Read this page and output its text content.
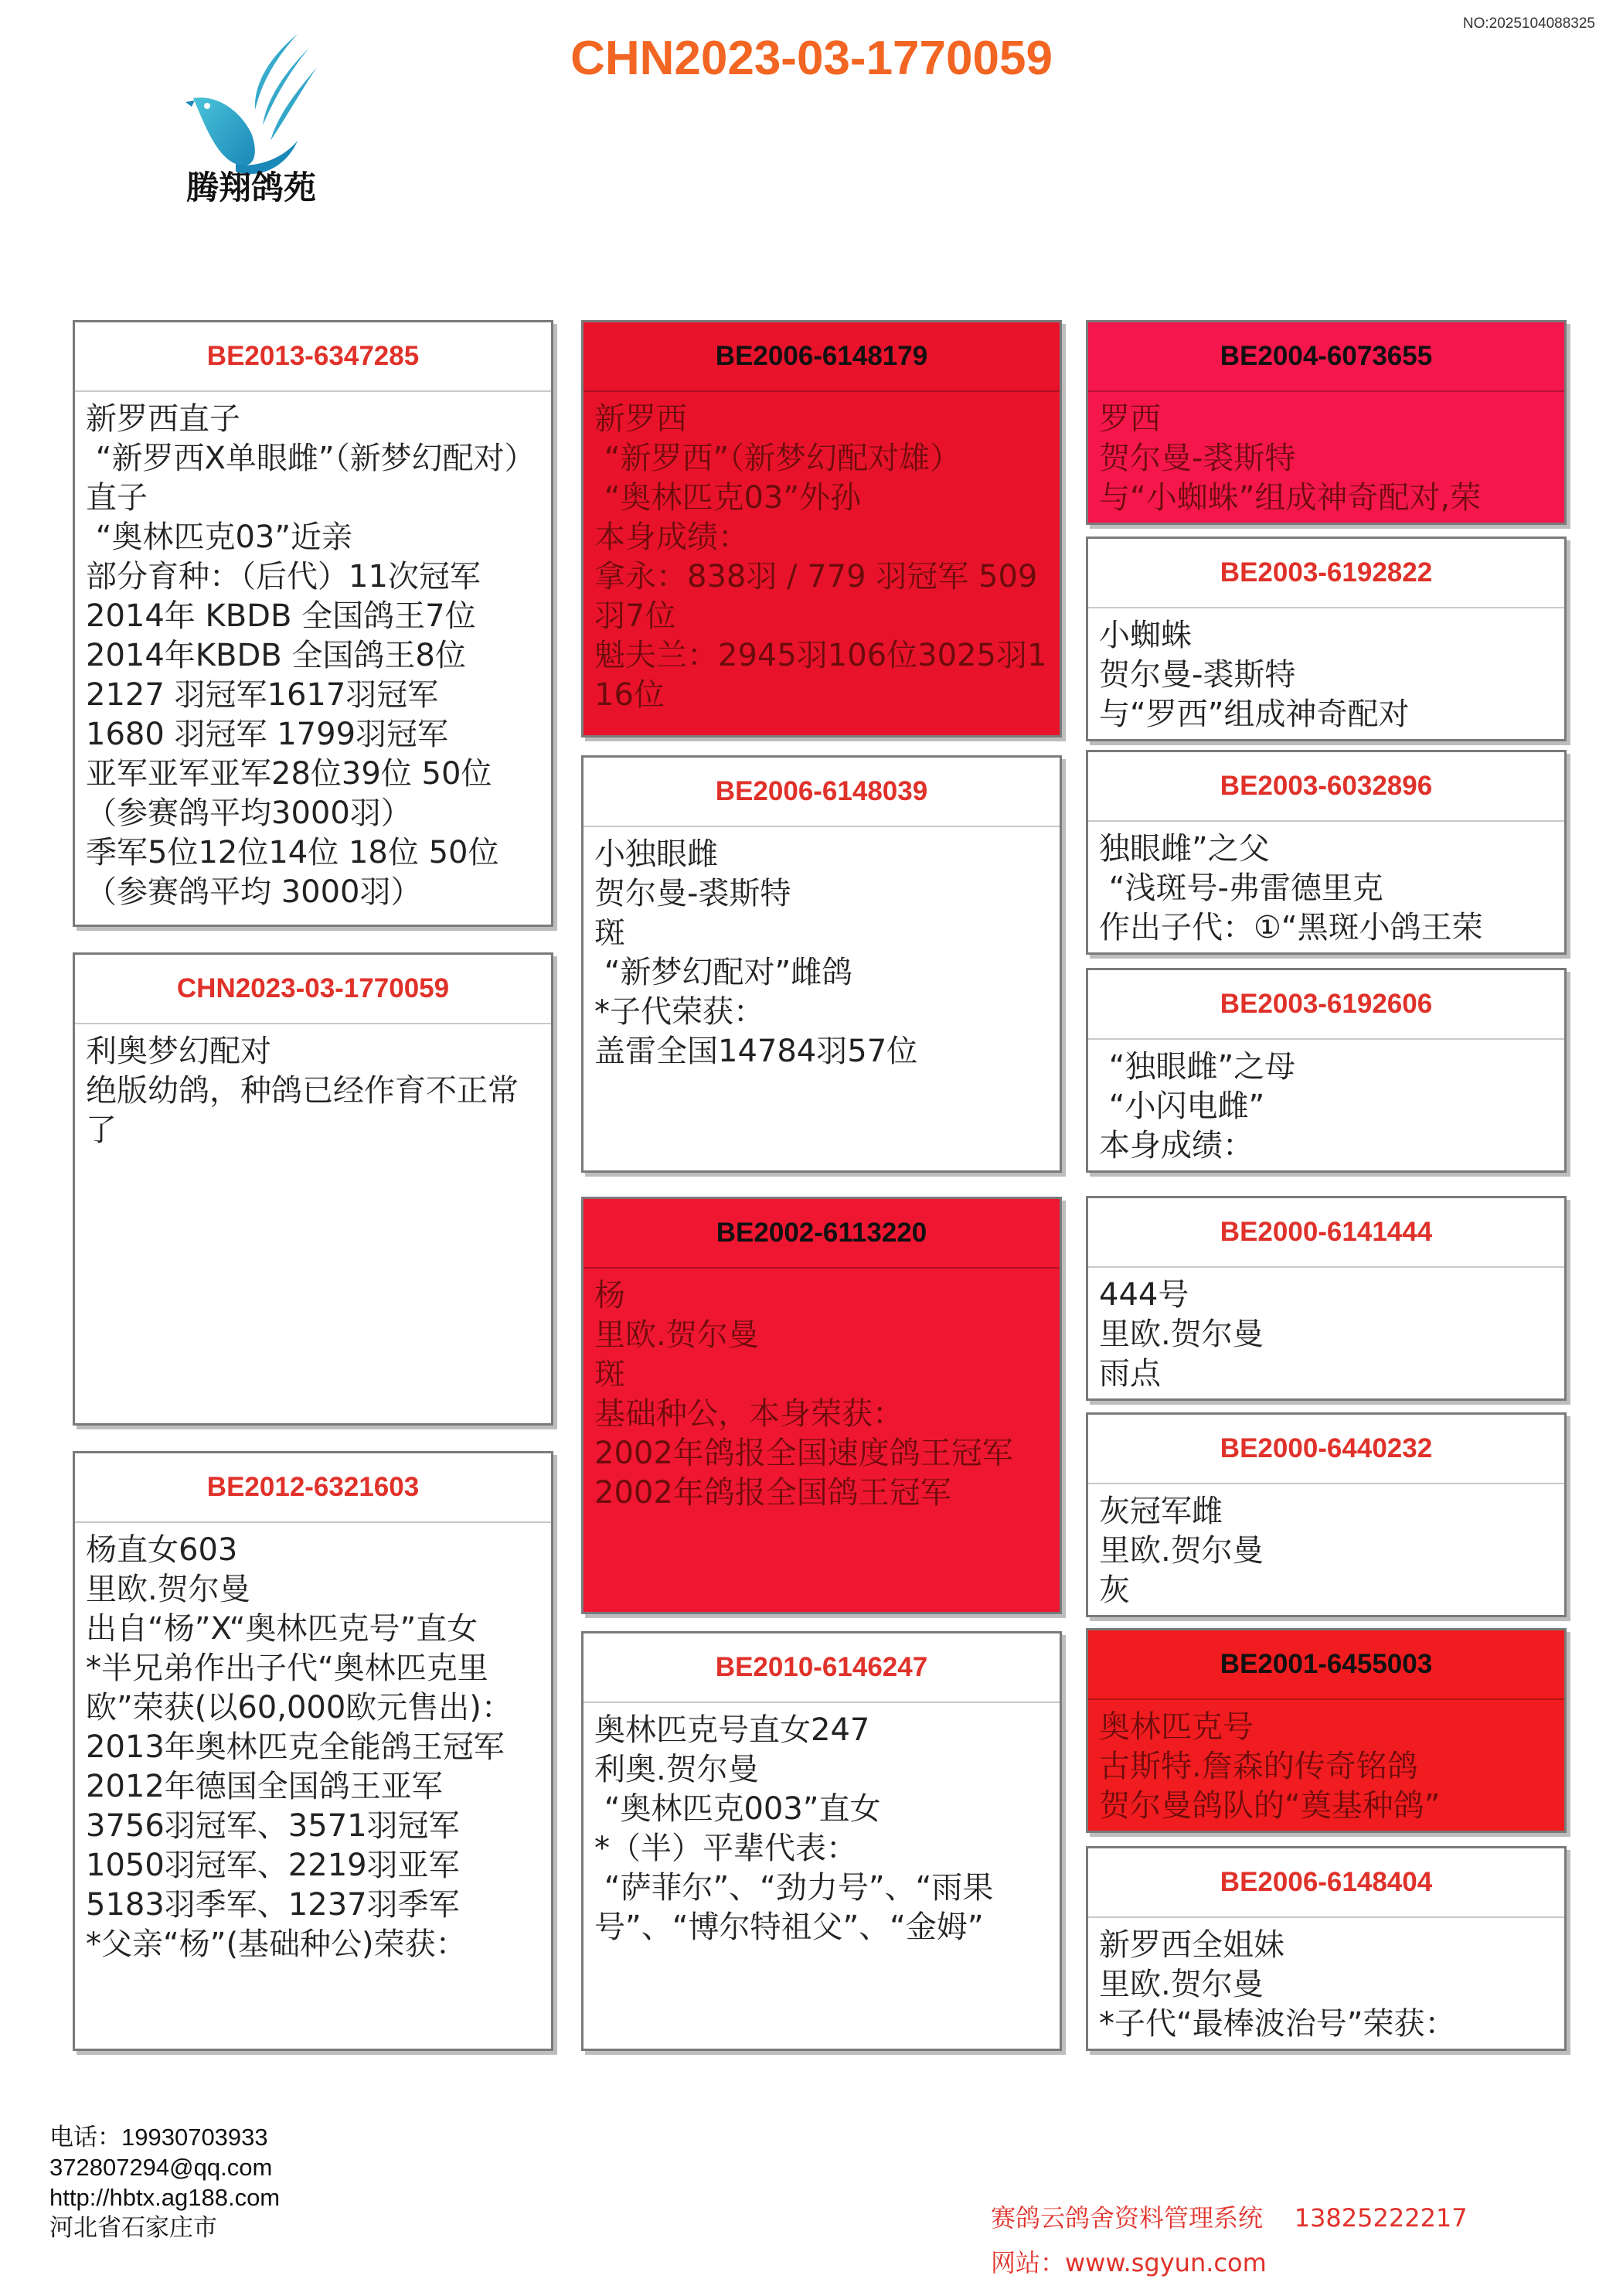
NO:2025104088325
CHN2023-03-1770059
腾翔鸽苑
BE2013-6347285
新罗西直子
“新罗西X单眼雌”（新梦幻配对）直子
“奥林匹克03”近亲
部分育种：（后代）11次冠军
2014年 KBDB 全国鸽王7位
2014年KBDB 全国鸽王8位
2127 羽冠军1617羽冠军
1680 羽冠军 1799羽冠军
亚军亚军亚军28位39位 50位
（参赛鸽平均3000羽）
季军5位12位14位 18位 50位
（参赛鸽平均 3000羽）
CHN2023-03-1770059
利奥梦幻配对
绝版幼鸽，种鸽已经作育不正常了
BE2012-6321603
杨直女603
里欧.贺尔曼
出自“杨”X“奥林匹克号”直女
*半兄弟作出子代“奥林匹克里欧”荣获(以60,000欧元售出)：
2013年奥林匹克全能鸽王冠军
2012年德国全国鸽王亚军
3756羽冠军、3571羽冠军
1050羽冠军、2219羽亚军
5183羽季军、1237羽季军
*父亲“杨”(基础种公)荣获：
BE2006-6148179
新罗西
“新罗西”（新梦幻配对雄）
“奥林匹克03”外孙
本身成绩：
拿永：838羽 / 779 羽冠军 509羽7位
魁夫兰：2945羽106位3025羽116位
BE2006-6148039
小独眼雌
贺尔曼-裘斯特
斑
“新梦幻配对”雌鸽
*子代荣获：
盖雷全国14784羽57位
BE2002-6113220
杨
里欧.贺尔曼
斑
基础种公，本身荣获：
2002年鸽报全国速度鸽王冠军
2002年鸽报全国鸽王冠军
BE2010-6146247
奥林匹克号直女247
利奥.贺尔曼
“奥林匹克003”直女
*（半）平辈代表：
“萨菲尔”、“劲力号”、“雨果号”、“博尔特祖父”、“金姆”
BE2004-6073655
罗西
贺尔曼-裘斯特
与“小蜘蛛”组成神奇配对,荣
BE2003-6192822
小蜘蛛
贺尔曼-裘斯特
与“罗西”组成神奇配对
BE2003-6032896
独眼雌”之父
“浅斑号-弗雷德里克
作出子代：①“黑斑小鸽王荣
BE2003-6192606
“独眼雌”之母
“小闪电雌”
本身成绩：
BE2000-6141444
444号
里欧.贺尔曼
雨点
BE2000-6440232
灰冠军雌
里欧.贺尔曼
灰
BE2001-6455003
奥林匹克号
古斯特.詹森的传奇铭鸽
贺尔曼鸽队的“奠基种鸽”
BE2006-6148404
新罗西全姐妹
里欧.贺尔曼
*子代“最棒波治号”荣获：
电话：19930703933
372807294@qq.com
http://hbtx.ag188.com
河北省石家庄市	赛鸽云鸽舍资料管理系统    13825222217
网站：www.sgyun.com
